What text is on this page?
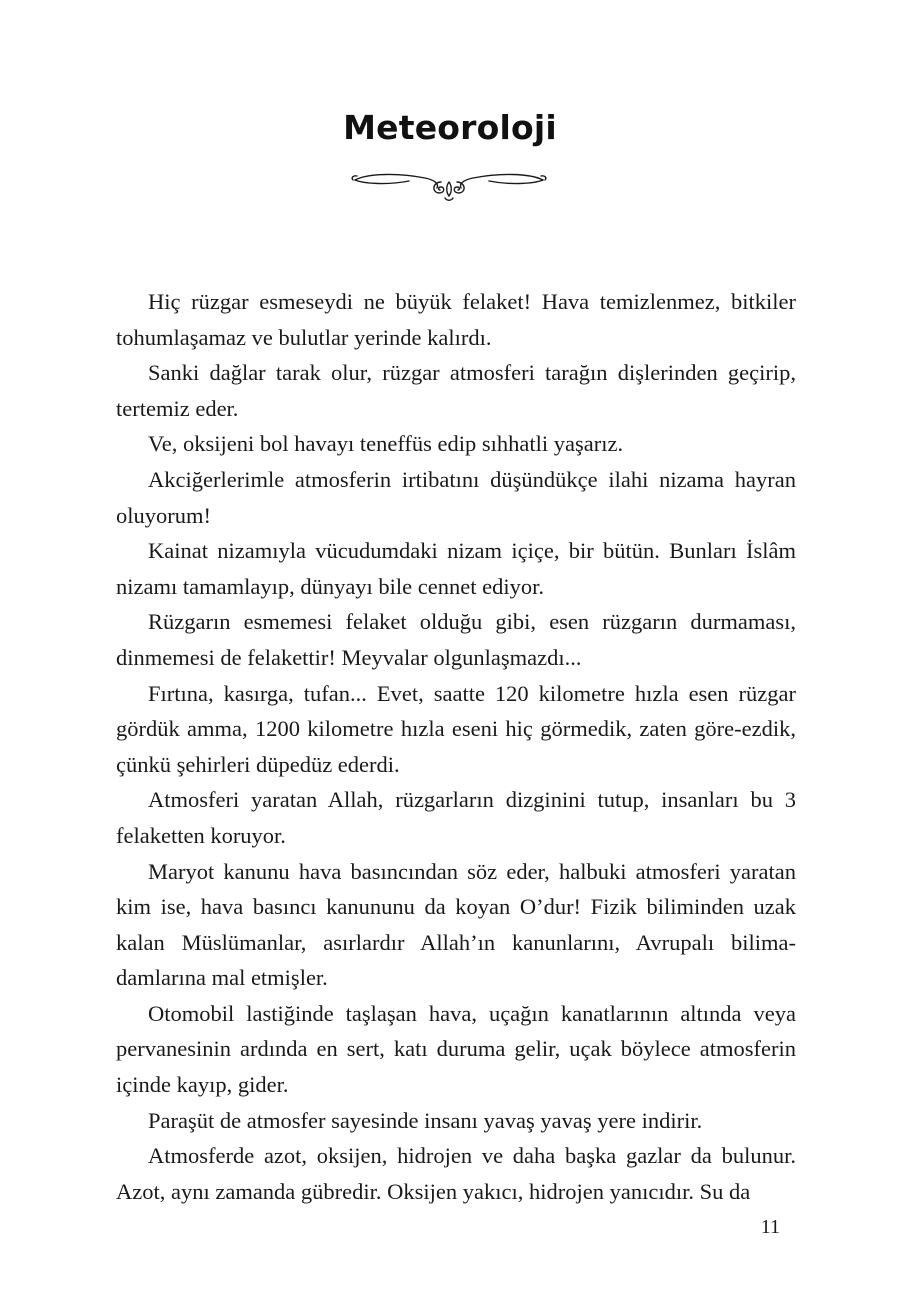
Meteoroloji

Hiç rüzgar esmeseydi ne büyük felaket! Hava temizlenmez, bitkiler tohumlaşamaz ve bulutlar yerinde kalırdı.

Sanki dağlar tarak olur, rüzgar atmosferi tarağın dişlerinden geçirip, tertemiz eder.

Ve, oksijeni bol havayı teneffüs edip sıhhatli yaşarız.

Akciğerlerimle atmosferin irtibatını düşündükçe ilahi nizama hayran oluyorum!

Kainat nizamıyla vücudumdaki nizam içiçe, bir bütün. Bunları İslâm nizamı tamamlayıp, dünyayı bile cennet ediyor.

Rüzgarın esmemesi felaket olduğu gibi, esen rüzgarın durmaması, dinmemesi de felakettir! Meyvalar olgunlaşmazdı...

Fırtına, kasırga, tufan... Evet, saatte 120 kilometre hızla esen rüzgar gördük amma, 1200 kilometre hızla eseni hiç görmedik, zaten göre-ezdik, çünkü şehirleri düpedüz ederdi.

Atmosferi yaratan Allah, rüzgarların dizginini tutup, insanları bu 3 felaketten koruyor.

Maryot kanunu hava basıncından söz eder, halbuki atmosferi yaratan kim ise, hava basıncı kanununu da koyan O’dur! Fizik biliminden uzak kalan Müslümanlar, asırlardır Allah’ın kanunlarını, Avrupalı bilima-damlarına mal etmişler.

Otomobil lastiğinde taşlaşan hava, uçağın kanatlarının altında veya pervanesinin ardında en sert, katı duruma gelir, uçak böylece atmosferin içinde kayıp, gider.

Paraşüt de atmosfer sayesinde insanı yavaş yavaş yere indirir.

Atmosferde azot, oksijen, hidrojen ve daha başka gazlar da bulunur. Azot, aynı zamanda gübredir. Oksijen yakıcı, hidrojen yanıcıdır. Su da

11
